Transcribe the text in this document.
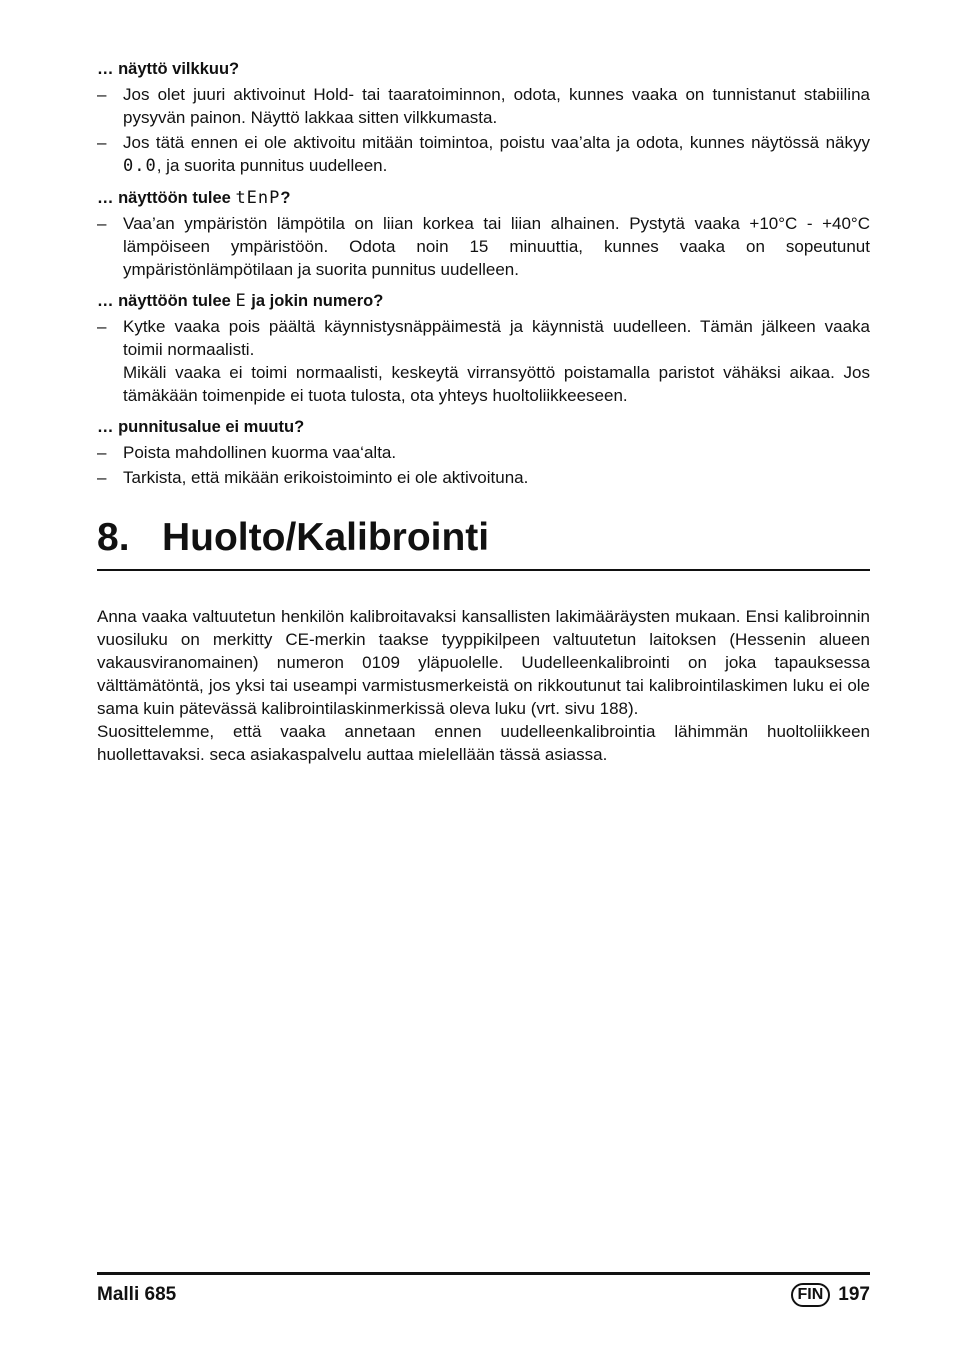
… näyttö vilkkuu?
– Jos olet juuri aktivoinut Hold- tai taaratoiminnon, odota, kunnes vaaka on tunnistanut stabiilina pysyvän painon. Näyttö lakkaa sitten vilkkumasta.
– Jos tätä ennen ei ole aktivoitu mitään toimintoa, poistu vaa’alta ja odota, kunnes näytössä näkyy 0.0, ja suorita punnitus uudelleen.
… näyttöön tulee tEnP?
– Vaa’an ympäristön lämpötila on liian korkea tai liian alhainen. Pystytä vaaka +10°C - +40°C lämpöiseen ympäristöön. Odota noin 15 minuuttia, kunnes vaaka on sopeutunut ympäristönlämpötilaan ja suorita punnitus uudelleen.
… näyttöön tulee E ja jokin numero?
– Kytke vaaka pois päältä käynnistysnäppäimestä ja käynnistä uudelleen. Tämän jälkeen vaaka toimii normaalisti.
Mikäli vaaka ei toimi normaalisti, keskeytä virransyöttö poistamalla paristot vähäksi aikaa. Jos tämäkään toimenpide ei tuota tulosta, ota yhteys huoltoliikkeeseen.
… punnitusalue ei muutu?
– Poista mahdollinen kuorma vaa‘alta.
– Tarkista, että mikään erikoistoiminto ei ole aktivoituna.
8. Huolto/Kalibrointi

Anna vaaka valtuutetun henkilön kalibroitavaksi kansallisten lakimääräysten mukaan. Ensi kalibroinnin vuosiluku on merkitty CE-merkin taakse tyyppikilpeen valtuutetun laitoksen (Hessenin alueen vakausviranomainen) numeron 0109 yläpuolelle. Uudelleenkalibrointi on joka tapauksessa välttämätöntä, jos yksi tai useampi varmistusmerkeistä on rikkoutunut tai kalibrointilaskimen luku ei ole sama kuin pätevässä kalibrointilaskinmerkissä oleva luku (vrt. sivu 188).

Suosittelemme, että vaaka annetaan ennen uudelleenkalibrointia lähimmän huoltoliikkeen huollettavaksi. seca asiakaspalvelu auttaa mielellään tässä asiassa.

Malli 685	FIN 197
